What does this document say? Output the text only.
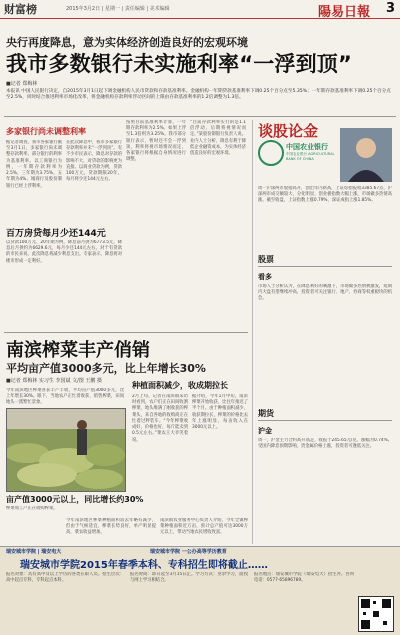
财富榜	2015年3月2日 | 星期一 | 责任编辑 | 美术编辑	陽易日報 3
央行再度降息，意为实体经济创造良好的宏观环境
我市多数银行未实施利率“一浮到顶”
■记者 郑梅林
本报讯 中国人民银行决定，自2015年3月1日起下调金融机构人民币贷款和存款基准利率。金融机构一年期贷款基准利率下调0.25个百分点至5.35%；一年期存款基准利率下调0.25个百分点至2.5%，同时结合推进利率市场化改革，将金融机构存款利率浮动区间的上限由存款基准利率的1.2倍调整为1.3倍。
多家银行尚未调整利率
据记者调查，我市各家银行截至3月1日，多家银行尚未调整存款利率，部分银行的利率为基准利率。以工商银行为例，一年期存款利率为2.5%，三年期为3.75%，五年期为4%。城商行及股份制银行已经上浮利率。
在此次降息中，我市多家银行存款利率并未“一浮到顶”。有不少市民表示，降息对存款的影响不大，对贷款的影响更为直接。以商业贷款为例，贷款100万元，贷款期限20年，每月将少还144元左右。
按照目前基准利率计算，一年期存款利率为2.5%，如果上浮至1.3倍则为3.25%。我市部分银行表示，暂时还不会一浮到顶，利率将视市场情况而定，各家银行将根据自身情况进行调整。
“目前存款利率实行的是1.1倍浮动，后期将视情况而定。”某股份制银行负责人说。业内人士分析，降息有利于降低企业融资成本，为实体经济创造良好的宏观环境。
百万房贷每月少还144元
以贷款100万元、20年期为例，降息前月供为6773.5元，降息后月供约为6629.6元，每月少还144元左右。对于有贷款的市民来说，此次降息将减少利息支出。专家表示，降息将对楼市形成一定利好。
南滨榨菜丰产俏销
平均亩产值3000多元，比上年增长30%
■记者 郑梅林 实习生 李国斌 文/图 王鹏 摄
今年南滨地区榨菜喜获丰产丰收，平均亩产值3000多元，比上年增长30%。眼下，当地农户正忙着收获、销售榨菜，田间地头一派繁忙景象。
亩产值3000元以上，同比增长约30%
榨菜加工户正在收购榨菜。
种植面积减少，收成期拉长
2月上旬，记者在南滨镇采访时看到，农户们正在田间收割榨菜，地头堆满了刚收获的榨菜头，来自各地的收购商正在忙着过秤装车。“今年榨菜收成好，价格也好，每斤能卖到0.5元左右。”菜农王大爷笑着说。
据介绍，今年1月中旬，南滨榨菜开始收获，比往年推迟了半个月。由于种植面积减少，收获期拉长，榨菜的价格比去年上涨明显，每亩收入在3000元以上。
今年南滨地区榨菜种植面积较去年略有减少，但由于气候适宜，榨菜长势良好，单产明显提高，菜农收益增加。
南滨镇农业服务中心负责人介绍，今年全镇榨菜种植面积近万亩，预计总产值可达3000万元以上，带动当地农民增收致富。
谈股论金
中国农业银行
中国农业银行 AGRICULTURAL BANK OF CHINA
周一沪深两市股指高开，创出年内新高，上证综指报收3385.67点，沪深两市成交额较大，分化明显，创业板指数大幅上涨，市场做多热情高涨。截至收盘，上证指数上涨0.79%，深证成指上涨1.85%。
股票
看多
市场人士分析认为，在降息利好的刺激下，市场做多热情被激发，短期内大盘有望继续冲高，投资者可关注银行、地产、券商等权重板块的机会。
期货
沪金
周一，沪金主力合约高开高走，收报于245.65元/克，涨幅为0.74%。受国内降息预期影响，贵金属价格上涨，投资者可逢低关注。
瑞安城市学院 | 瑞安电大	瑞安城市学院 一公办高等学历教育
瑞安城市学院2015年春季本科、专科招生即将截止……
报名对象：具有高中及以上学历的各类在职人员。招生层次：高中起点专科，专科起点本科。
报名时间：即日起至3月15日止。学习方式：业余学习，面授与网上学习相结合。
报名地点：瑞安城市学院（瑞安电大）招生办。咨询电话：0577-65896789。
